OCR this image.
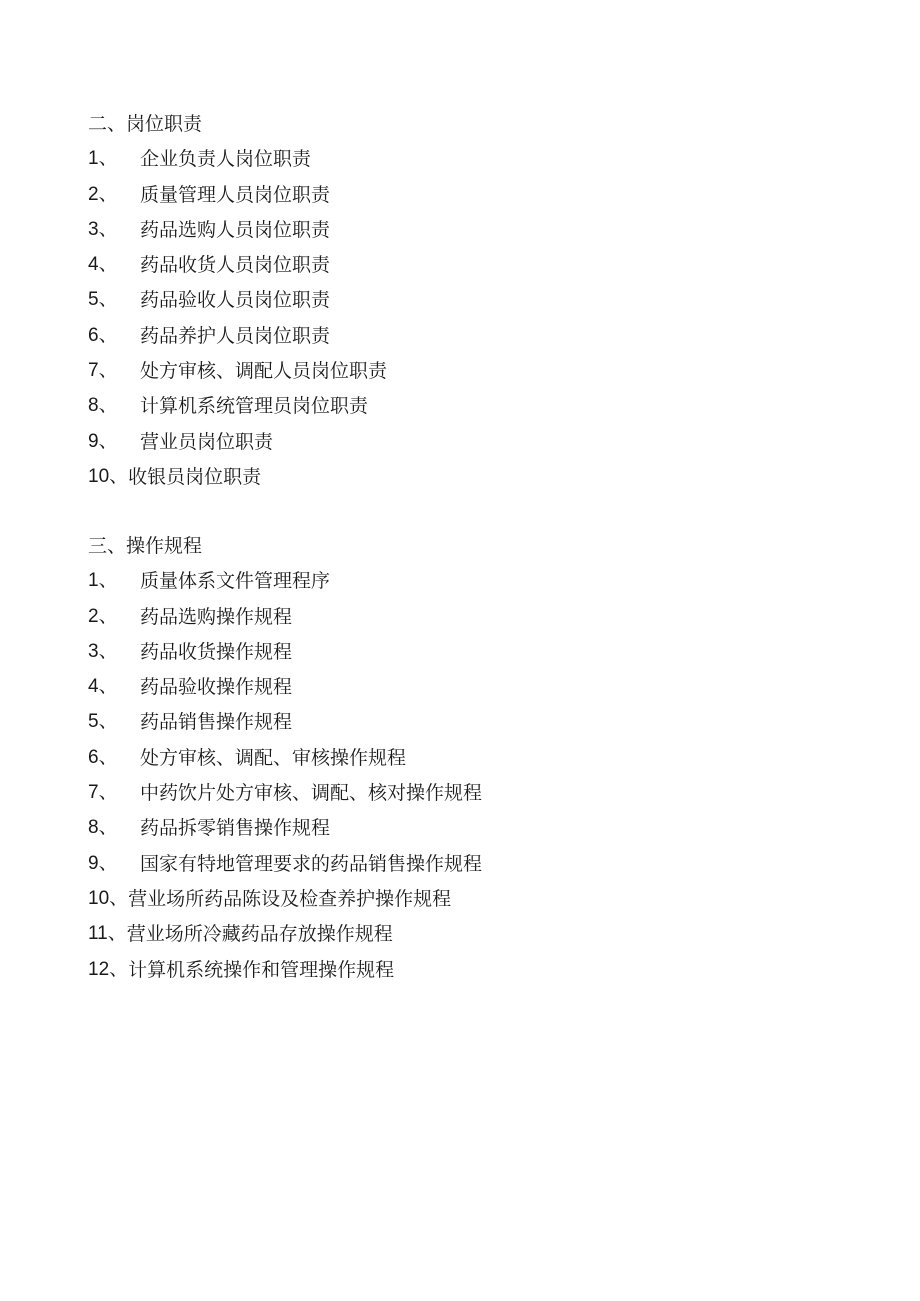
二、岗位职责
1、	企业负责人岗位职责
2、	质量管理人员岗位职责
3、	药品选购人员岗位职责
4、	药品收货人员岗位职责
5、	药品验收人员岗位职责
6、	药品养护人员岗位职责
7、	处方审核、调配人员岗位职责
8、	计算机系统管理员岗位职责
9、	营业员岗位职责
10、 收银员岗位职责
三、操作规程
1、	质量体系文件管理程序
2、	药品选购操作规程
3、	药品收货操作规程
4、	药品验收操作规程
5、	药品销售操作规程
6、	处方审核、调配、审核操作规程
7、	中药饮片处方审核、调配、核对操作规程
8、	药品拆零销售操作规程
9、	国家有特地管理要求的药品销售操作规程
10、 营业场所药品陈设及检查养护操作规程
11、 营业场所冷藏药品存放操作规程
12、 计算机系统操作和管理操作规程
